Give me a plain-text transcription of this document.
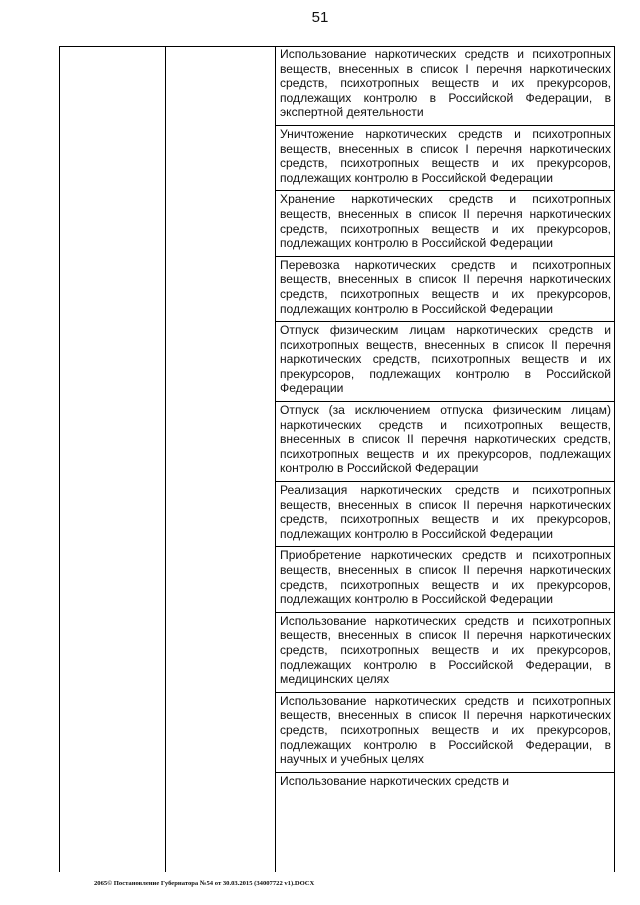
51
Использование наркотических средств и психотропных веществ, внесенных в список I перечня наркотических средств, психотропных веществ и их прекурсоров, подлежащих контролю в Российской Федерации, в экспертной деятельности
Уничтожение наркотических средств и психотропных веществ, внесенных в список I перечня наркотических средств, психотропных веществ и их прекурсоров, подлежащих контролю в Российской Федерации
Хранение наркотических средств и психотропных веществ, внесенных в список II перечня наркотических средств, психотропных веществ и их прекурсоров, подлежащих контролю в Российской Федерации
Перевозка наркотических средств и психотропных веществ, внесенных в список II перечня наркотических средств, психотропных веществ и их прекурсоров, подлежащих контролю в Российской Федерации
Отпуск физическим лицам наркотических средств и психотропных веществ, внесенных в список II перечня наркотических средств, психотропных веществ и их прекурсоров, подлежащих контролю в Российской Федерации
Отпуск (за исключением отпуска физическим лицам) наркотических средств и психотропных веществ, внесенных в список II перечня наркотических средств, психотропных веществ и их прекурсоров, подлежащих контролю в Российской Федерации
Реализация наркотических средств и психотропных веществ, внесенных в список II перечня наркотических средств, психотропных веществ и их прекурсоров, подлежащих контролю в Российской Федерации
Приобретение наркотических средств и психотропных веществ, внесенных в список II перечня наркотических средств, психотропных веществ и их прекурсоров, подлежащих контролю в Российской Федерации
Использование наркотических средств и психотропных веществ, внесенных в список II перечня наркотических средств, психотропных веществ и их прекурсоров, подлежащих контролю в Российской Федерации, в медицинских целях
Использование наркотических средств и психотропных веществ, внесенных в список II перечня наркотических средств, психотропных веществ и их прекурсоров, подлежащих контролю в Российской Федерации, в научных и учебных целях
Использование наркотических средств и
2065© Постановление Губернатора №54 от 30.03.2015 (34007722 v1).DOCX
